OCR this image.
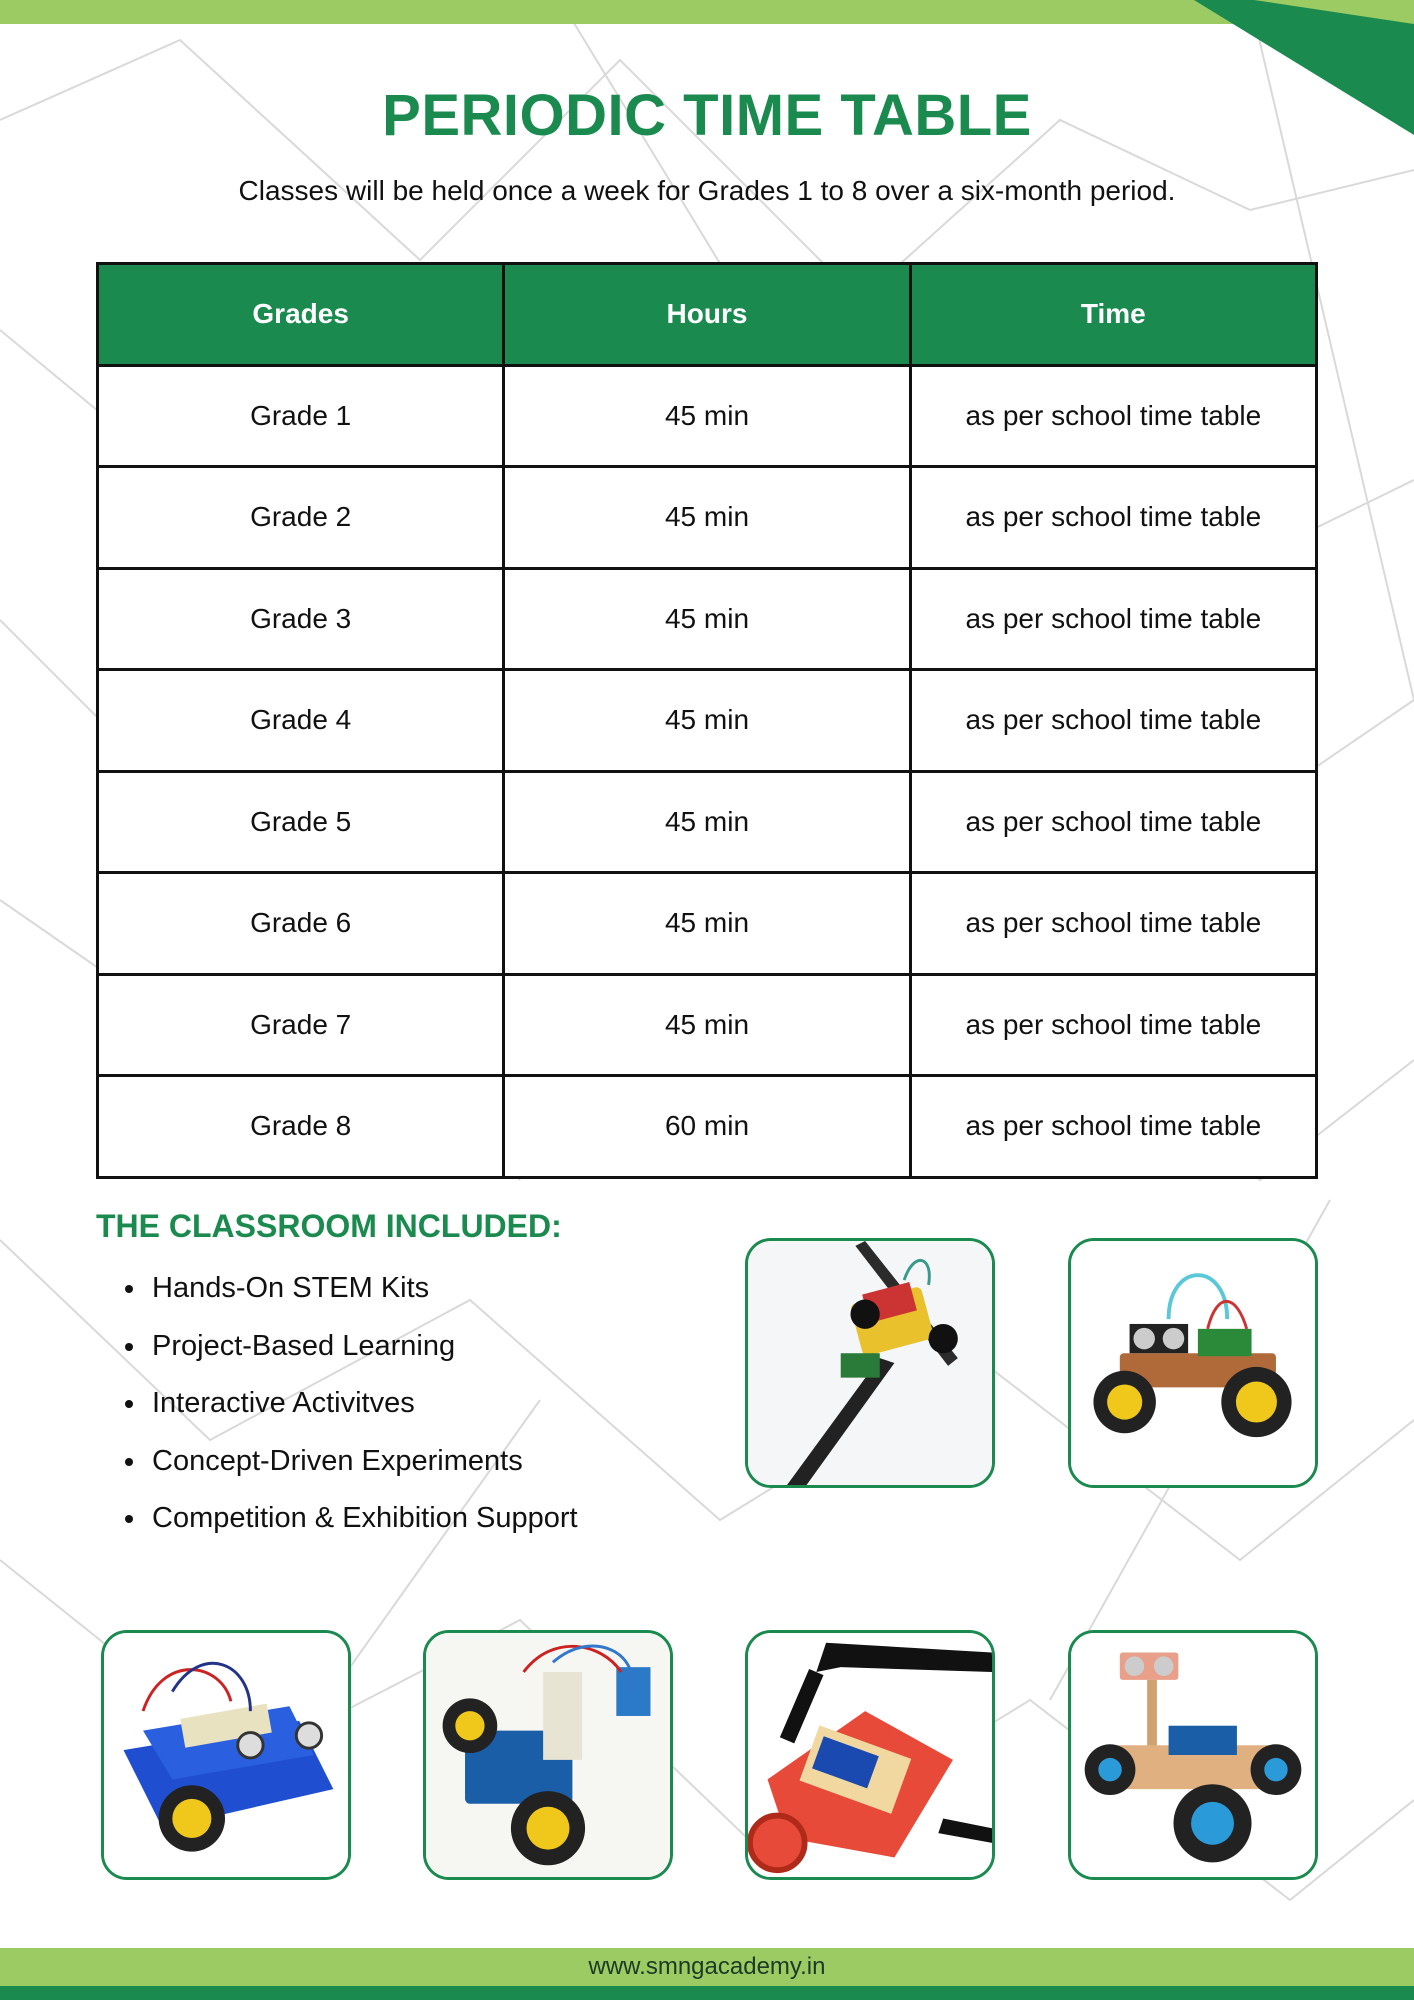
PERIODIC TIME TABLE

Classes will be held once a week for Grades 1 to 8 over a six-month period.

Grades	Hours	Time
Grade 1	45 min	as per school time table
Grade 2	45 min	as per school time table
Grade 3	45 min	as per school time table
Grade 4	45 min	as per school time table
Grade 5	45 min	as per school time table
Grade 6	45 min	as per school time table
Grade 7	45 min	as per school time table
Grade 8	60 min	as per school time table
THE CLASSROOM INCLUDED:
• Hands-On STEM Kits
• Project-Based Learning
• Interactive Activitves
• Concept-Driven Experiments
• Competition & Exhibition Support
www.smngacademy.in
